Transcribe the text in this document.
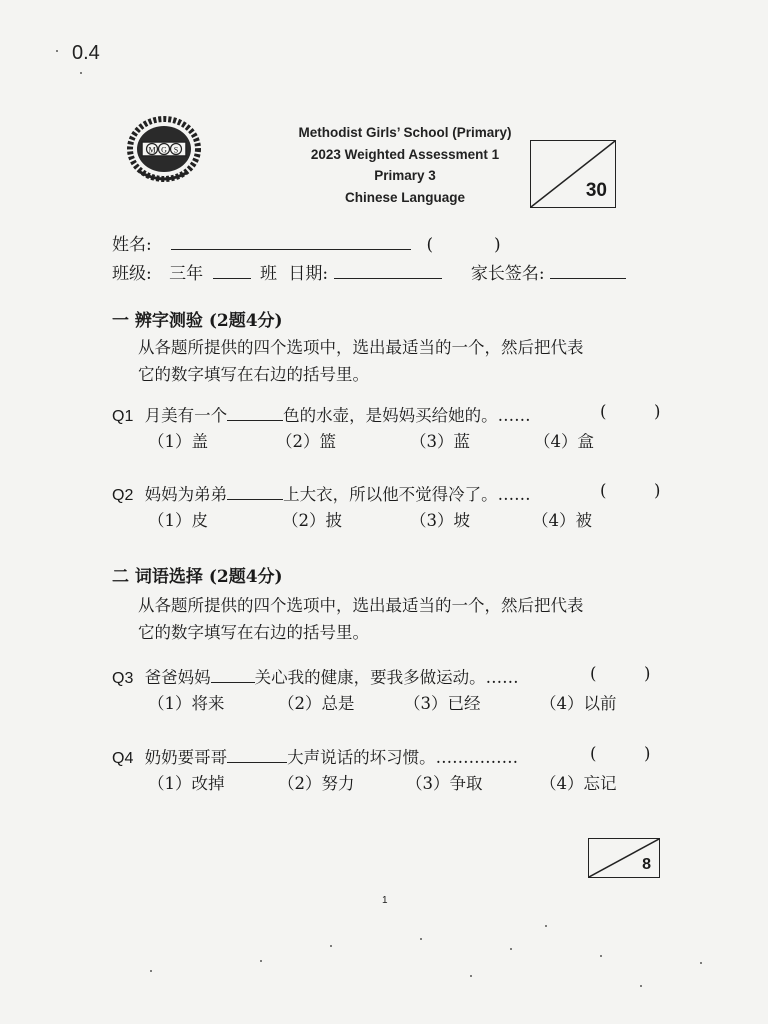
0.4
M G S
Methodist Girls’ School (Primary)
2023 Weighted Assessment 1
Primary 3
Chinese Language	30
姓名:	(	)
班级: 三年	班 日期:	家长签名:
一 辨字测验 (2题4分)
从各题所提供的四个选项中，选出最适当的一个，然后把代表
它的数字填写在右边的括号里。
Q1 月美有一个	色的水壶，是妈妈买给她的。……	(	)
（1）盖	（2）篮	（3）蓝	（4）盒
Q2 妈妈为弟弟	上大衣，所以他不觉得冷了。……	(	)
（1）皮	（2）披	（3）坡	（4）被
二 词语选择 (2题4分)
从各题所提供的四个选项中，选出最适当的一个，然后把代表
它的数字填写在右边的括号里。
Q3 爸爸妈妈	关心我的健康，要我多做运动。……	(	)
（1）将来	（2）总是	（3）已经	（4）以前
Q4 奶奶要哥哥	大声说话的坏习惯。……………	(	)
（1）改掉	（2）努力	（3）争取	（4）忘记
8
1
